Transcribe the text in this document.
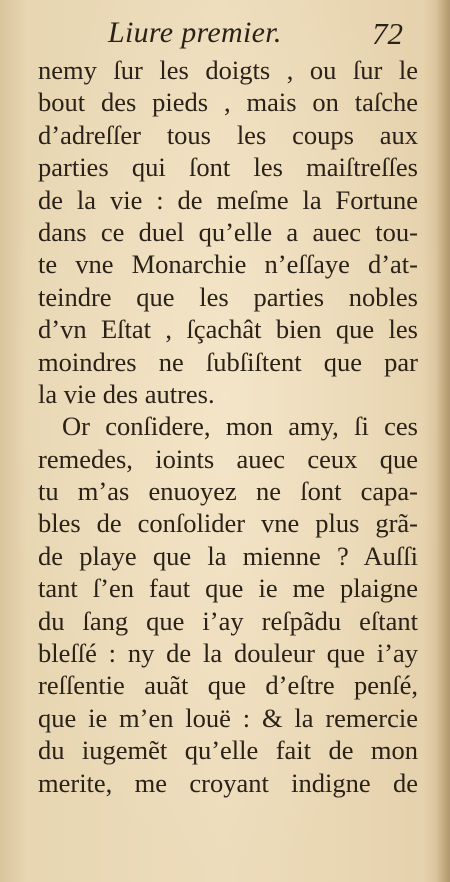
Liure premier.	72
nemy ſur les doigts , ou ſur le
bout des pieds , mais on taſche
d’adreſſer tous les coups aux
parties qui ſont les maiſtreſſes
de la vie : de meſme la Fortune
dans ce duel qu’elle a auec tou-
te vne Monarchie n’eſſaye d’at-
teindre que les parties nobles
d’vn Eſtat , ſçachât bien que les
moindres ne ſubſiſtent que par
la vie des autres.
Or conſidere, mon amy, ſi ces
remedes, ioints auec ceux que
tu m’as enuoyez ne ſont capa-
bles de conſolider vne plus grã-
de playe que la mienne ? Auſſi
tant ſ’en faut que ie me plaigne
du ſang que i’ay reſpãdu eſtant
bleſſé : ny de la douleur que i’ay
reſſentie auãt que d’eſtre penſé,
que ie m’en louë : & la remercie
du iugemẽt qu’elle fait de mon
merite, me croyant indigne de
